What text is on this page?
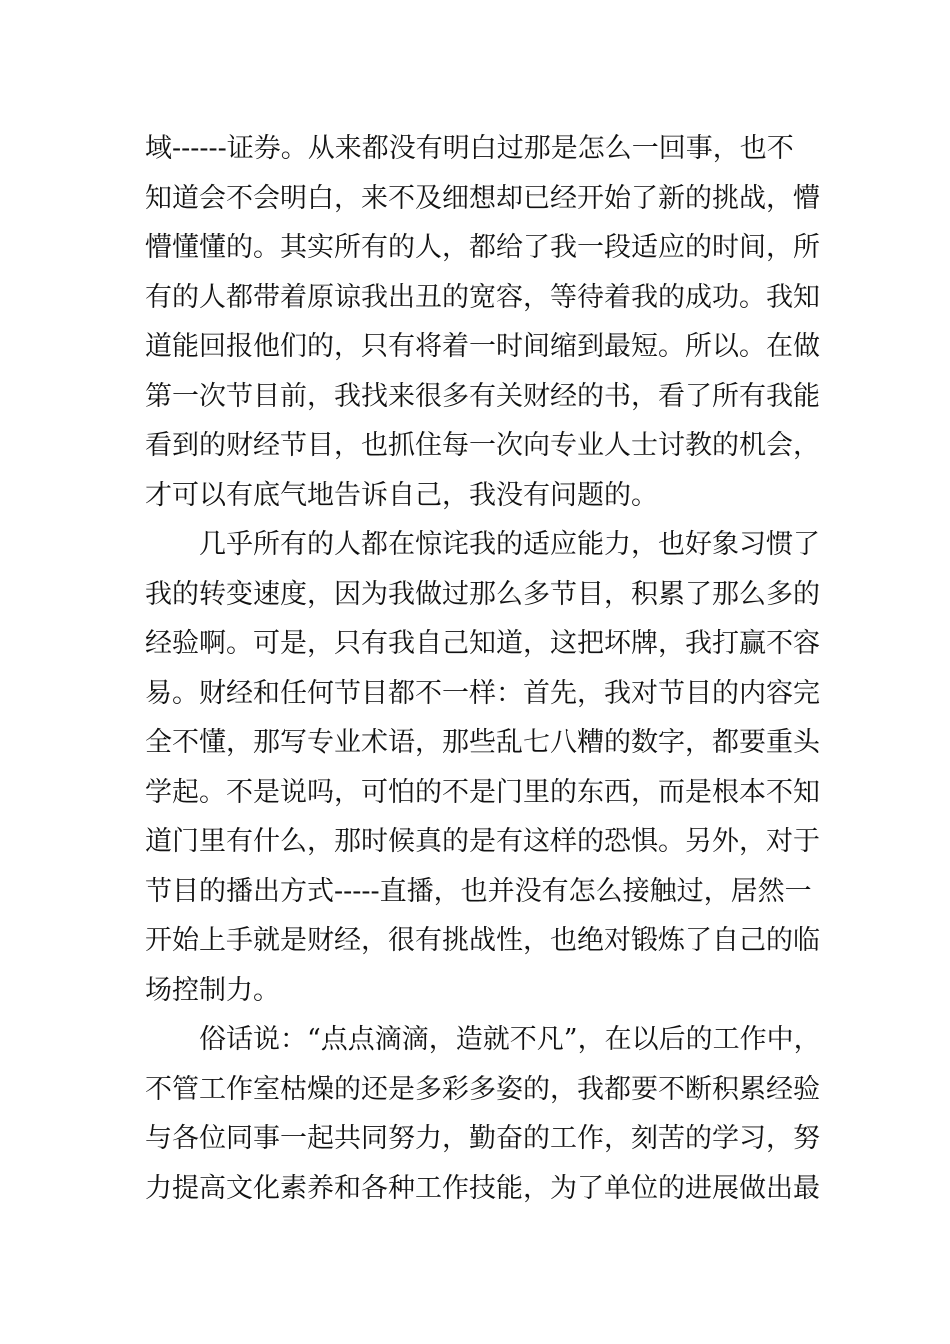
域------证券。从来都没有明白过那是怎么一回事，也不
知道会不会明白，来不及细想却已经开始了新的挑战，懵
懵懂懂的。其实所有的人，都给了我一段适应的时间，所
有的人都带着原谅我出丑的宽容，等待着我的成功。我知
道能回报他们的，只有将着一时间缩到最短。所以。在做
第一次节目前，我找来很多有关财经的书，看了所有我能
看到的财经节目，也抓住每一次向专业人士讨教的机会，
才可以有底气地告诉自己，我没有问题的。
几乎所有的人都在惊诧我的适应能力，也好象习惯了
我的转变速度，因为我做过那么多节目，积累了那么多的
经验啊。可是，只有我自己知道，这把坏牌，我打赢不容
易。财经和任何节目都不一样：首先，我对节目的内容完
全不懂，那写专业术语，那些乱七八糟的数字，都要重头
学起。不是说吗，可怕的不是门里的东西，而是根本不知
道门里有什么，那时候真的是有这样的恐惧。另外，对于
节目的播出方式-----直播，也并没有怎么接触过，居然一
开始上手就是财经，很有挑战性，也绝对锻炼了自己的临
场控制力。
俗话说：“点点滴滴，造就不凡”，在以后的工作中，
不管工作室枯燥的还是多彩多姿的，我都要不断积累经验
与各位同事一起共同努力，勤奋的工作，刻苦的学习，努
力提高文化素养和各种工作技能，为了单位的进展做出最
